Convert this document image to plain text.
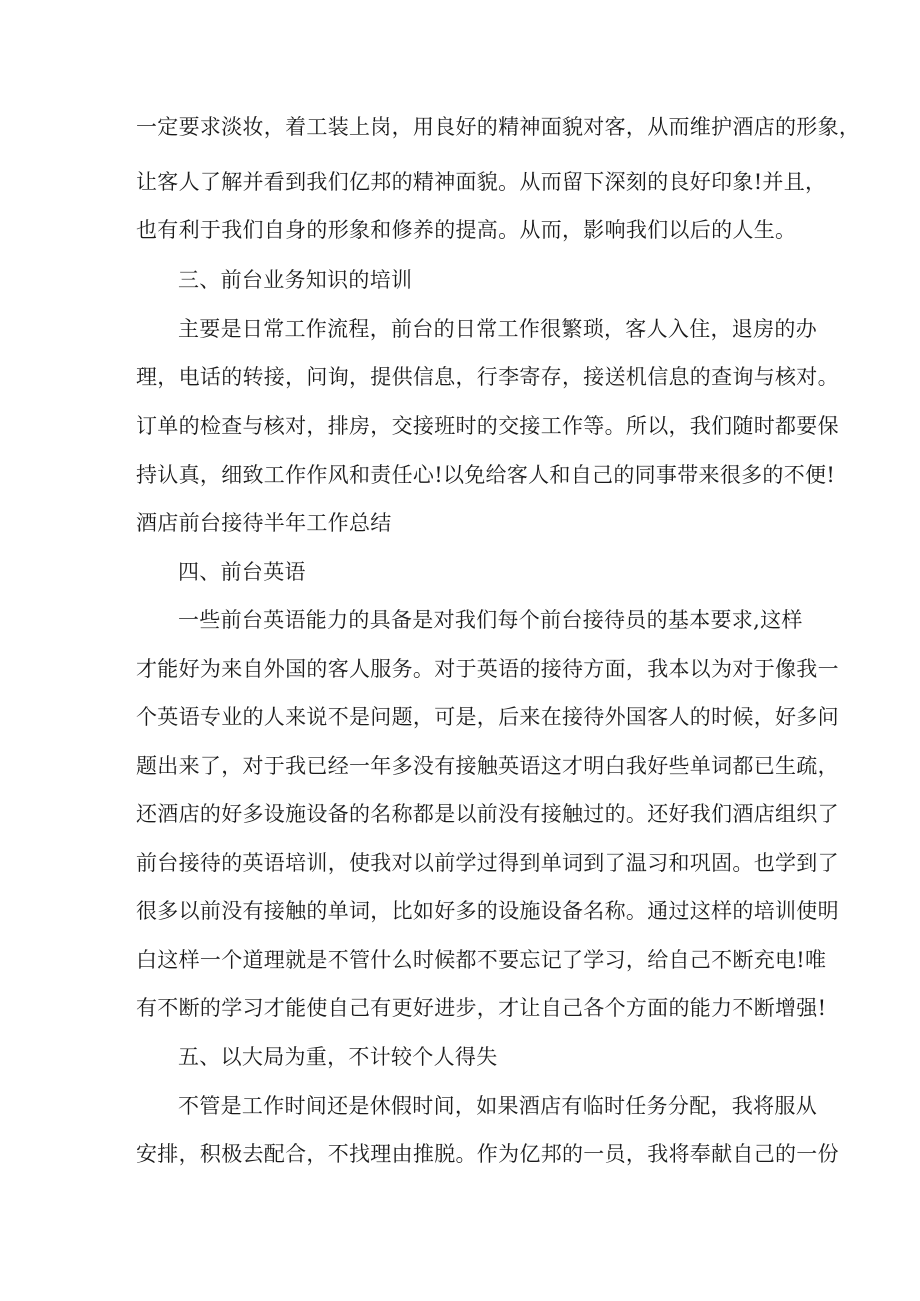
一定要求淡妆，着工装上岗，用良好的精神面貌对客，从而维护酒店的形象，
让客人了解并看到我们亿邦的精神面貌。从而留下深刻的良好印象!并且，
也有利于我们自身的形象和修养的提高。从而，影响我们以后的人生。
三、前台业务知识的培训
主要是日常工作流程，前台的日常工作很繁琐，客人入住，退房的办
理，电话的转接，问询，提供信息，行李寄存，接送机信息的查询与核对。
订单的检查与核对，排房，交接班时的交接工作等。所以，我们随时都要保
持认真，细致工作作风和责任心!以免给客人和自己的同事带来很多的不便!
酒店前台接待半年工作总结
四、前台英语
一些前台英语能力的具备是对我们每个前台接待员的基本要求,这样
才能好为来自外国的客人服务。对于英语的接待方面，我本以为对于像我一
个英语专业的人来说不是问题，可是，后来在接待外国客人的时候，好多问
题出来了，对于我已经一年多没有接触英语这才明白我好些单词都已生疏，
还酒店的好多设施设备的名称都是以前没有接触过的。还好我们酒店组织了
前台接待的英语培训，使我对以前学过得到单词到了温习和巩固。也学到了
很多以前没有接触的单词，比如好多的设施设备名称。通过这样的培训使明
白这样一个道理就是不管什么时候都不要忘记了学习，给自己不断充电!唯
有不断的学习才能使自己有更好进步，才让自己各个方面的能力不断增强!
五、以大局为重，不计较个人得失
不管是工作时间还是休假时间，如果酒店有临时任务分配，我将服从
安排，积极去配合，不找理由推脱。作为亿邦的一员，我将奉献自己的一份
